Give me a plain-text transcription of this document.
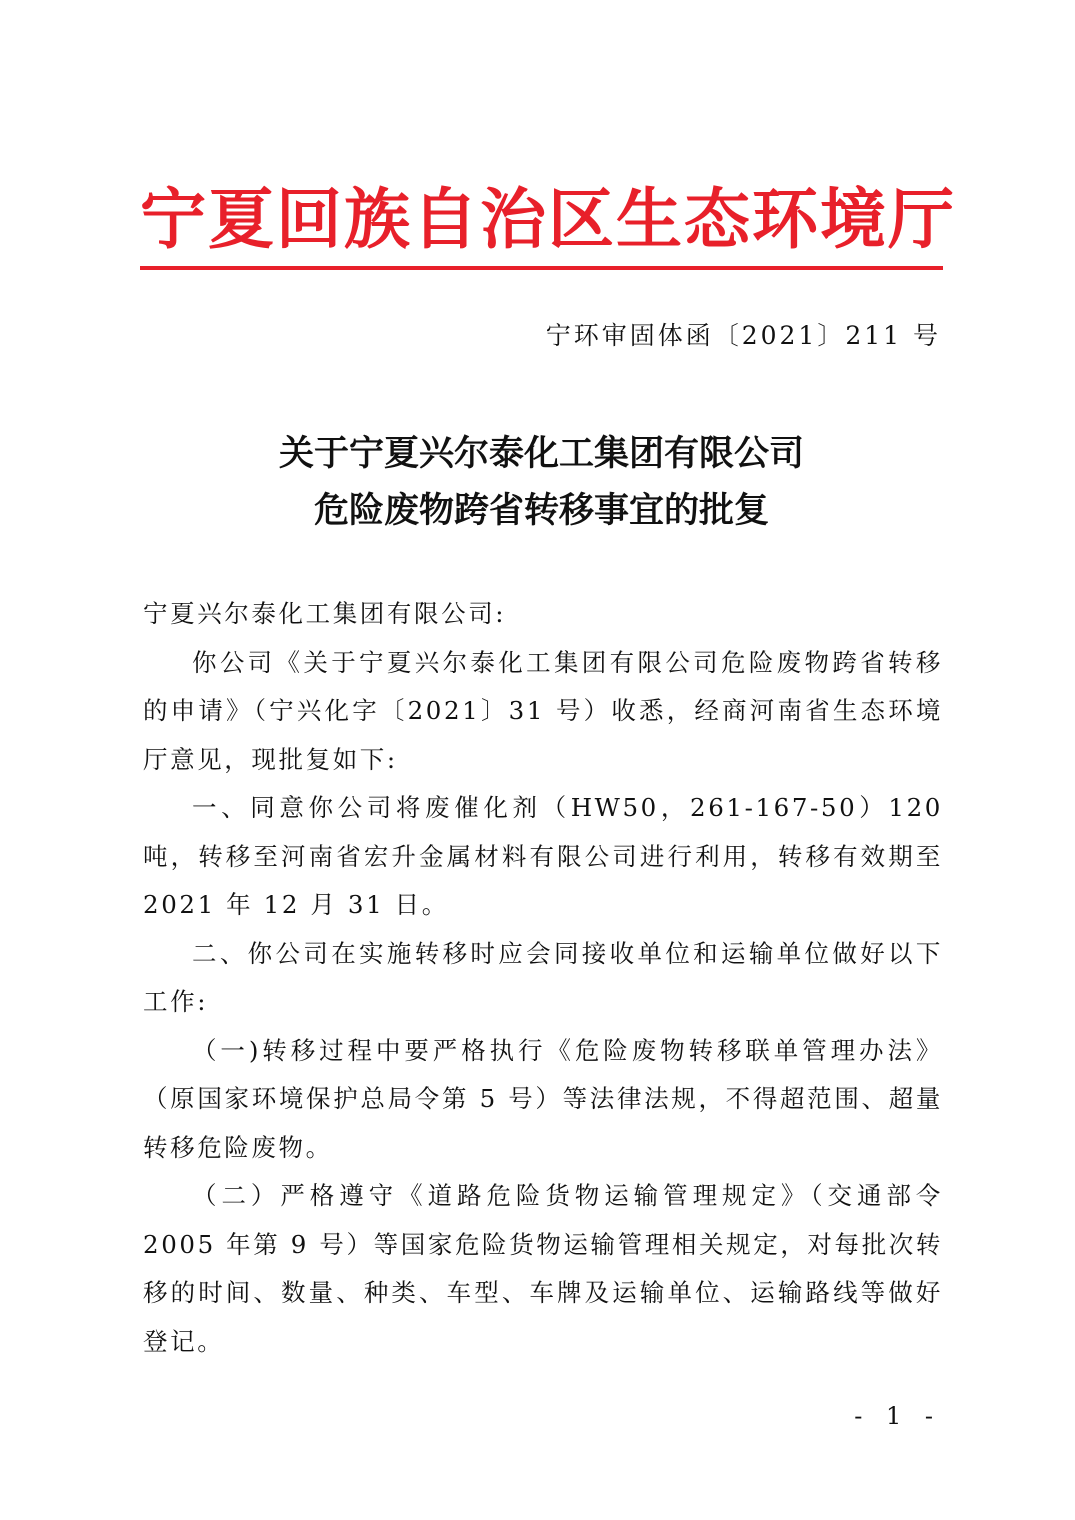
宁夏回族自治区生态环境厅
宁环审固体函〔2021〕211 号
关于宁夏兴尔泰化工集团有限公司
危险废物跨省转移事宜的批复

宁夏兴尔泰化工集团有限公司:

你公司《关于宁夏兴尔泰化工集团有限公司危险废物跨省转移的申请》（宁兴化字〔2021〕31 号）收悉，经商河南省生态环境厅意见，现批复如下:

一、同意你公司将废催化剂（HW50，261-167-50）120 吨，转移至河南省宏升金属材料有限公司进行利用，转移有效期至 2021 年 12 月 31 日。

二、你公司在实施转移时应会同接收单位和运输单位做好以下工作:

（一)转移过程中要严格执行《危险废物转移联单管理办法》（原国家环境保护总局令第 5 号）等法律法规，不得超范围、超量转移危险废物。

（二）严格遵守《道路危险货物运输管理规定》（交通部令 2005 年第 9 号）等国家危险货物运输管理相关规定，对每批次转移的时间、数量、种类、车型、车牌及运输单位、运输路线等做好登记。

- 1 -
